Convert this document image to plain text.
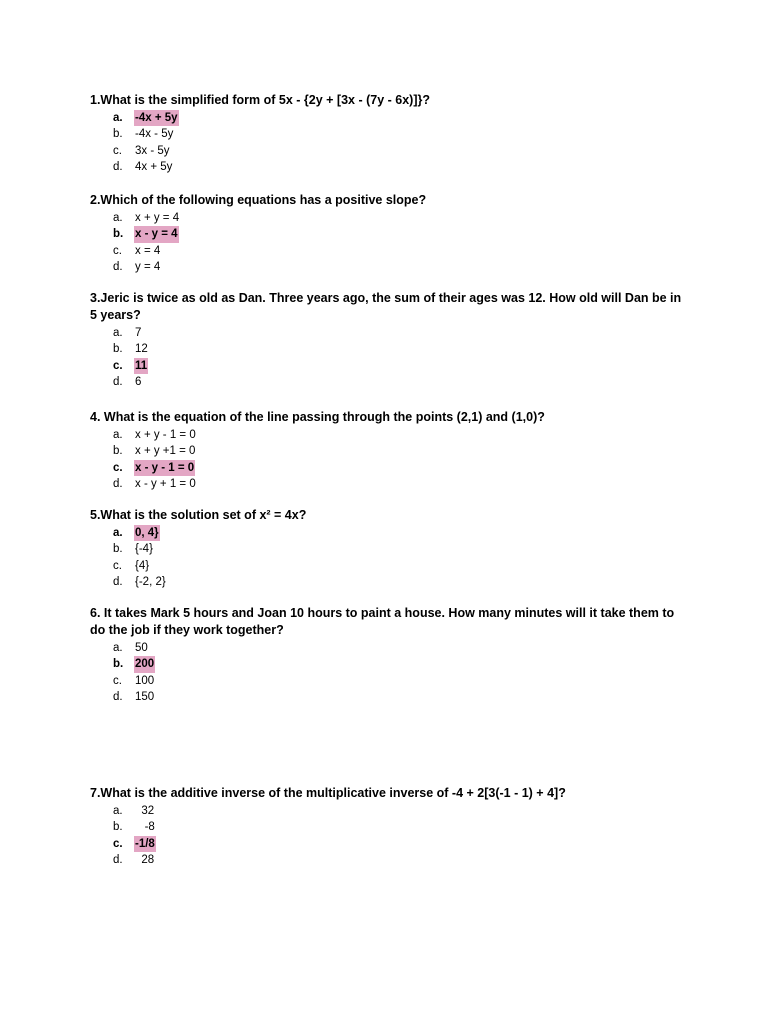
1.What is the simplified form of 5x - {2y + [3x - (7y - 6x)]}?

a. -4x + 5y
b. -4x - 5y
c. 3x - 5y
d. 4x + 5y

2.Which of the following equations has a positive slope?

a. x + y = 4
b. x - y = 4
c. x = 4
d. y = 4

3.Jeric is twice as old as Dan. Three years ago, the sum of their ages was 12. How old will Dan be in 5 years?

a. 7
b. 12
c. 11
d. 6

4. What is the equation of the line passing through the points (2,1) and (1,0)?

a. x + y - 1 = 0
b. x + y +1 = 0
c. x - y - 1 = 0
d. x - y + 1 = 0

5.What is the solution set of x² = 4x?

a. 0, 4}
b. {-4}
c. {4}
d. {-2, 2}

6. It takes Mark 5 hours and Joan 10 hours to paint a house. How many minutes will it take them to do the job if they work together?

a. 50
b. 200
c. 100
d. 150

7.What is the additive inverse of the multiplicative inverse of -4 + 2[3(-1 - 1) + 4]?

a. 32
b. -8
c. -1/8
d. 28
